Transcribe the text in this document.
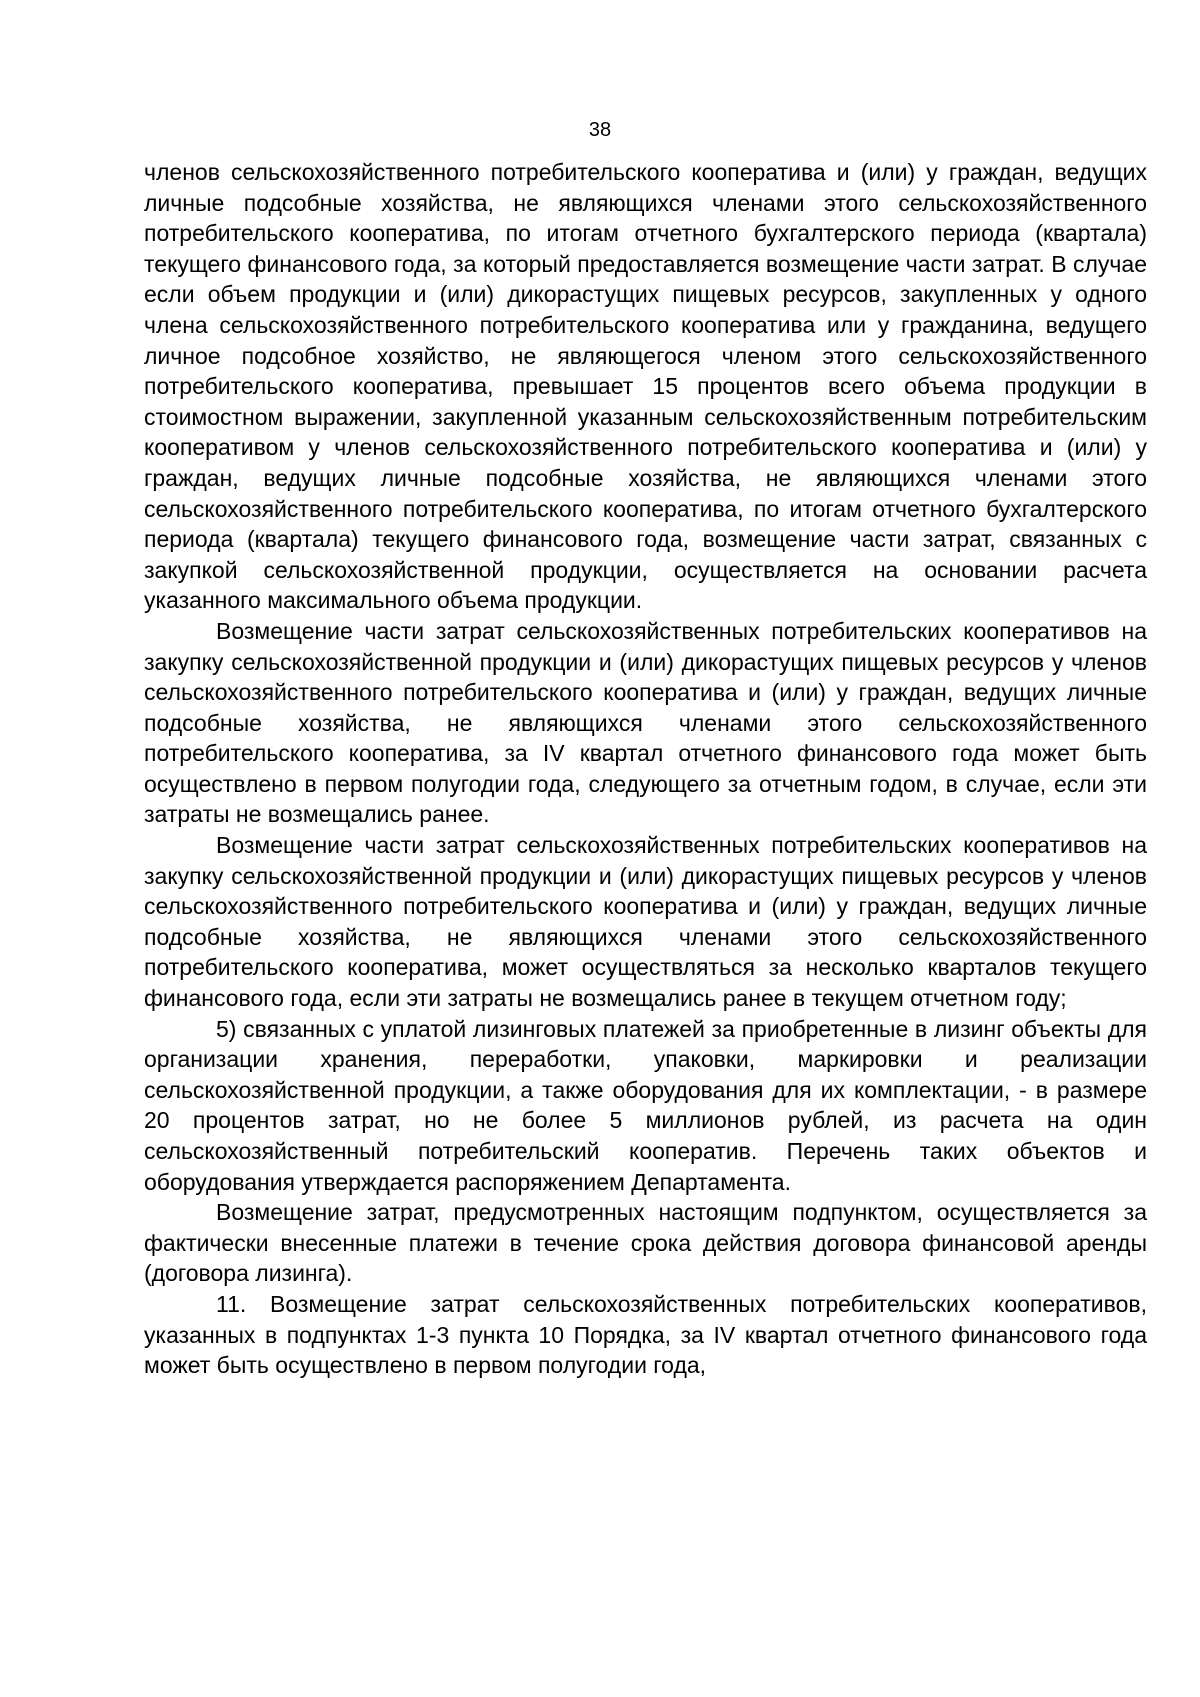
38

членов сельскохозяйственного потребительского кооператива и (или) у граждан, ведущих личные подсобные хозяйства, не являющихся членами этого сельскохозяйственного потребительского кооператива, по итогам отчетного бухгалтерского периода (квартала) текущего финансового года, за который предоставляется возмещение части затрат. В случае если объем продукции и (или) дикорастущих пищевых ресурсов, закупленных у одного члена сельскохозяйственного потребительского кооператива или у гражданина, ведущего личное подсобное хозяйство, не являющегося членом этого сельскохозяйственного потребительского кооператива, превышает 15 процентов всего объема продукции в стоимостном выражении, закупленной указанным сельскохозяйственным потребительским кооперативом у членов сельскохозяйственного потребительского кооператива и (или) у граждан, ведущих личные подсобные хозяйства, не являющихся членами этого сельскохозяйственного потребительского кооператива, по итогам отчетного бухгалтерского периода (квартала) текущего финансового года, возмещение части затрат, связанных с закупкой сельскохозяйственной продукции, осуществляется на основании расчета указанного максимального объема продукции.

Возмещение части затрат сельскохозяйственных потребительских кооперативов на закупку сельскохозяйственной продукции и (или) дикорастущих пищевых ресурсов у членов сельскохозяйственного потребительского кооператива и (или) у граждан, ведущих личные подсобные хозяйства, не являющихся членами этого сельскохозяйственного потребительского кооператива, за IV квартал отчетного финансового года может быть осуществлено в первом полугодии года, следующего за отчетным годом, в случае, если эти затраты не возмещались ранее.

Возмещение части затрат сельскохозяйственных потребительских кооперативов на закупку сельскохозяйственной продукции и (или) дикорастущих пищевых ресурсов у членов сельскохозяйственного потребительского кооператива и (или) у граждан, ведущих личные подсобные хозяйства, не являющихся членами этого сельскохозяйственного потребительского кооператива, может осуществляться за несколько кварталов текущего финансового года, если эти затраты не возмещались ранее в текущем отчетном году;

5) связанных с уплатой лизинговых платежей за приобретенные в лизинг объекты для организации хранения, переработки, упаковки, маркировки и реализации сельскохозяйственной продукции, а также оборудования для их комплектации, - в размере 20 процентов затрат, но не более 5 миллионов рублей, из расчета на один сельскохозяйственный потребительский кооператив. Перечень таких объектов и оборудования утверждается распоряжением Департамента.

Возмещение затрат, предусмотренных настоящим подпунктом, осуществляется за фактически внесенные платежи в течение срока действия договора финансовой аренды (договора лизинга).

11. Возмещение затрат сельскохозяйственных потребительских кооперативов, указанных в подпунктах 1-3 пункта 10 Порядка, за IV квартал отчетного финансового года может быть осуществлено в первом полугодии года,
